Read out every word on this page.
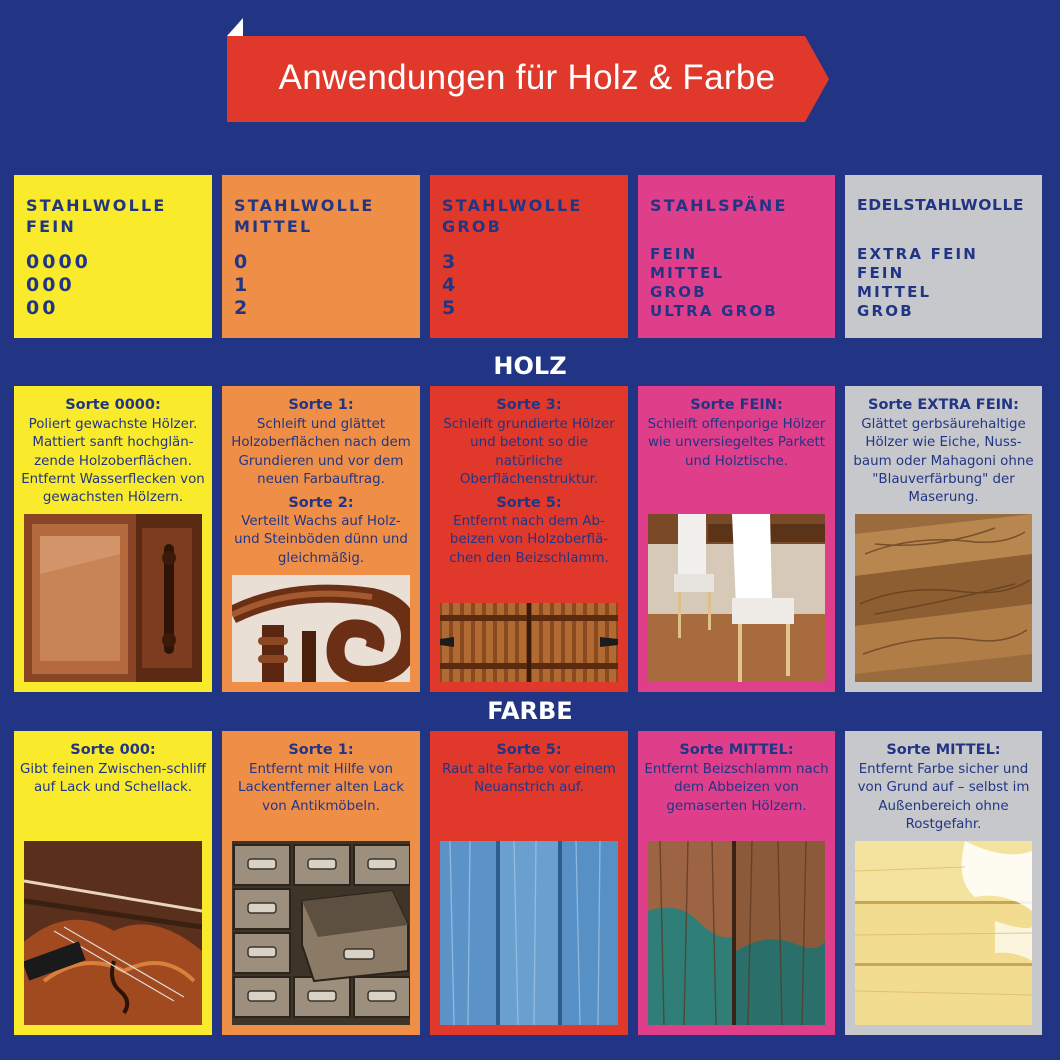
Anwendungen für Holz & Farbe
STAHLWOLLE FEIN
0000
000
00
STAHLWOLLE MITTEL
0
1
2
STAHLWOLLE GROB
3
4
5
STAHLSPÄNE
FEIN
MITTEL
GROB
ULTRA GROB
EDELSTAHLWOLLE
EXTRA FEIN
FEIN
MITTEL
GROB
HOLZ
Sorte 0000:
Poliert gewachste Hölzer. Mattiert sanft hochglän-zende Holzoberflächen. Entfernt Wasserflecken von gewachsten Hölzern.
Sorte 1:
Schleift und glättet Holzoberflächen nach dem Grundieren und vor dem neuen Farbauftrag.
Sorte 2:
Verteilt Wachs auf Holz- und Steinböden dünn und gleichmäßig.
Sorte 3:
Schleift grundierte Hölzer und betont so die natürliche Oberflächenstruktur.
Sorte 5:
Entfernt nach dem Ab-beizen von Holzoberflä-chen den Beizschlamm.
Sorte FEIN:
Schleift offenporige Hölzer wie unversiegeltes Parkett und Holztische.
Sorte EXTRA FEIN:
Glättet gerbsäurehaltige Hölzer wie Eiche, Nuss-baum oder Mahagoni ohne "Blauverfärbung" der Maserung.
FARBE
Sorte 000:
Gibt feinen Zwischen-schliff auf Lack und Schellack.
Sorte 1:
Entfernt mit Hilfe von Lackentferner alten Lack von Antikmöbeln.
Sorte 5:
Raut alte Farbe vor einem Neuanstrich auf.
Sorte MITTEL:
Entfernt Beizschlamm nach dem Abbeizen von gemaserten Hölzern.
Sorte MITTEL:
Entfernt Farbe sicher und von Grund auf – selbst im Außenbereich ohne Rostgefahr.
